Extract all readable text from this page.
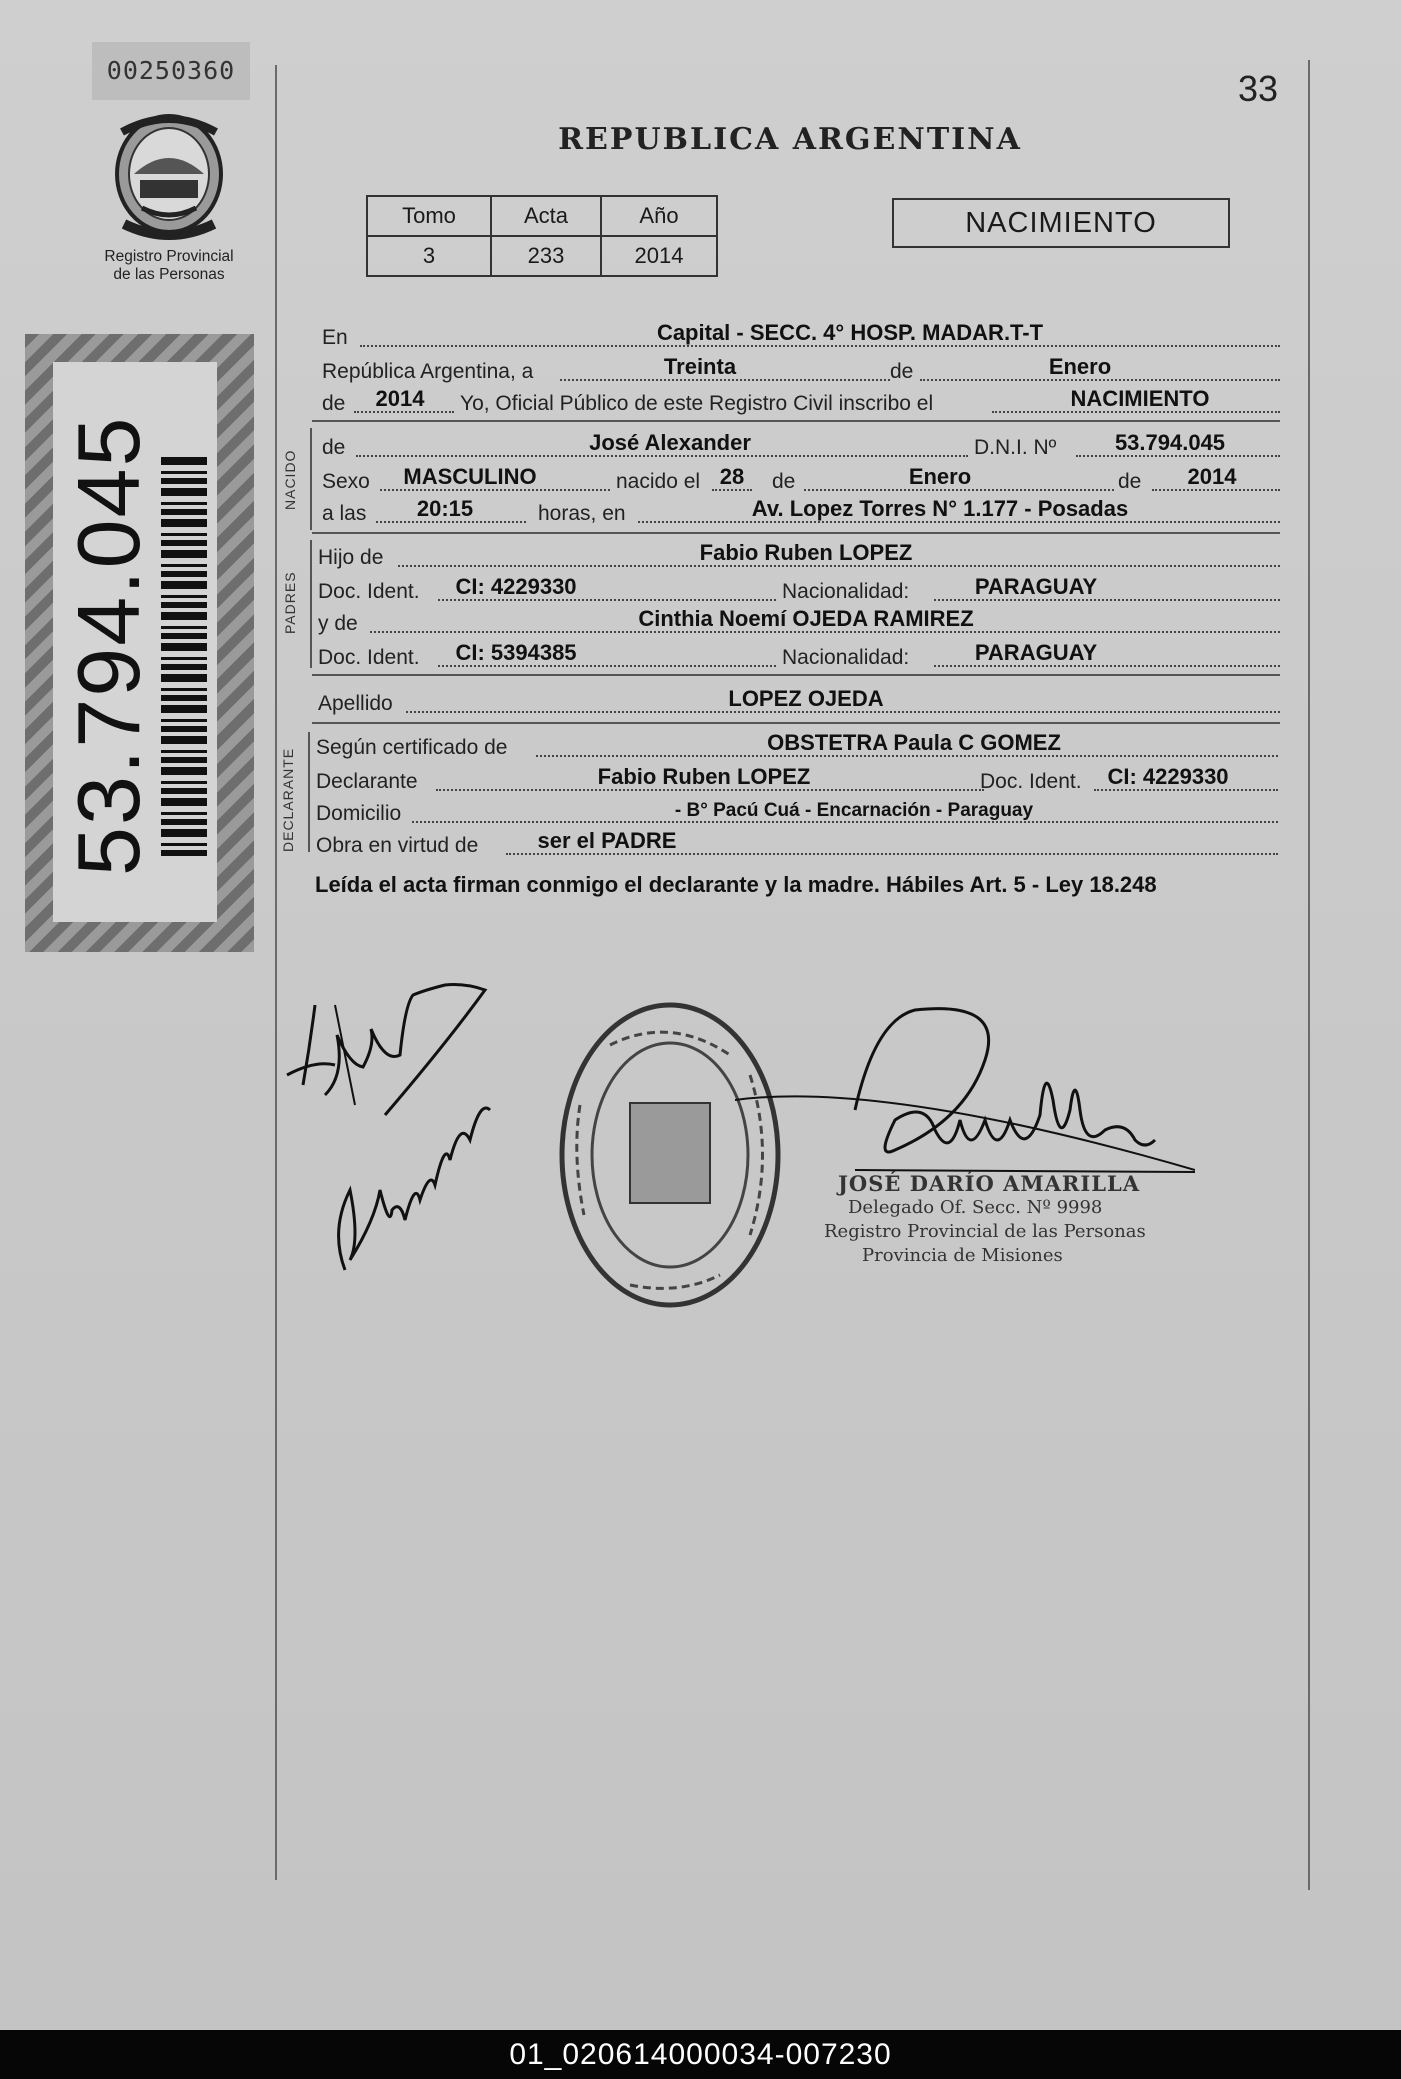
00250360
Registro Provincial de las Personas
53.794.045
33
REPUBLICA ARGENTINA
Tomo	Acta	Año
3	233	2014
NACIMIENTO
En	Capital - SECC. 4° HOSP. MADAR.T-T
República Argentina, a	Treinta	de	Enero
de	2014	Yo, Oficial Público de este Registro Civil inscribo el	NACIMIENTO
NACIDO
de	José Alexander	D.N.I. Nº	53.794.045
Sexo	MASCULINO	nacido el 28	de	Enero	de	2014
a las	20:15	horas, en	Av. Lopez Torres N° 1.177 - Posadas
PADRES
Hijo de	Fabio Ruben LOPEZ
Doc. Ident.	CI: 4229330	Nacionalidad:	PARAGUAY
y de	Cinthia Noemí OJEDA RAMIREZ
Doc. Ident.	CI: 5394385	Nacionalidad:	PARAGUAY
Apellido	LOPEZ OJEDA
DECLARANTE
Según certificado de	OBSTETRA Paula C GOMEZ
Declarante	Fabio Ruben LOPEZ	Doc. Ident.	CI: 4229330
Domicilio	- B° Pacú Cuá - Encarnación - Paraguay
Obra en virtud de	ser el PADRE
Leída el acta firman conmigo el declarante y la madre. Hábiles Art. 5 - Ley 18.248
JOSÉ DARÍO AMARILLA
Delegado Of. Secc. Nº 9998
Registro Provincial de las Personas
Provincia de Misiones
01_020614000034-007230
